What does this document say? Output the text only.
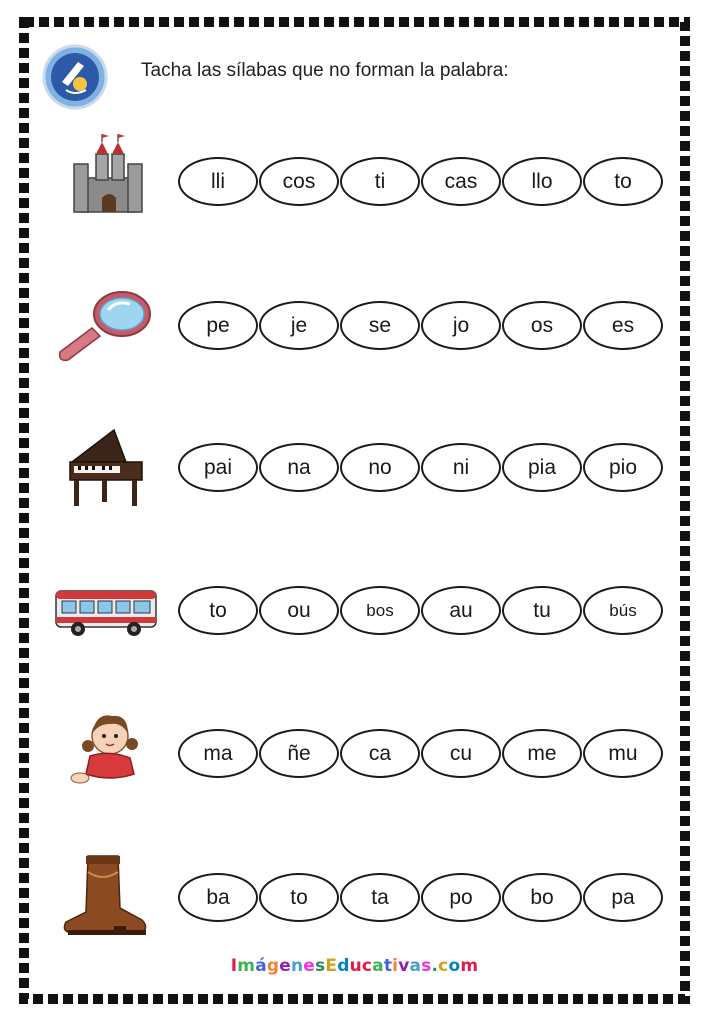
Tacha las sílabas que no forman la palabra:
lli	cos	ti	cas	llo	to
pe	je	se	jo	os	es
pai	na	no	ni	pia	pio
to	ou	bos	au	tu	bús
ma	ñe	ca	cu	me	mu
ba	to	ta	po	bo	pa
ImágenesEducativas.com
